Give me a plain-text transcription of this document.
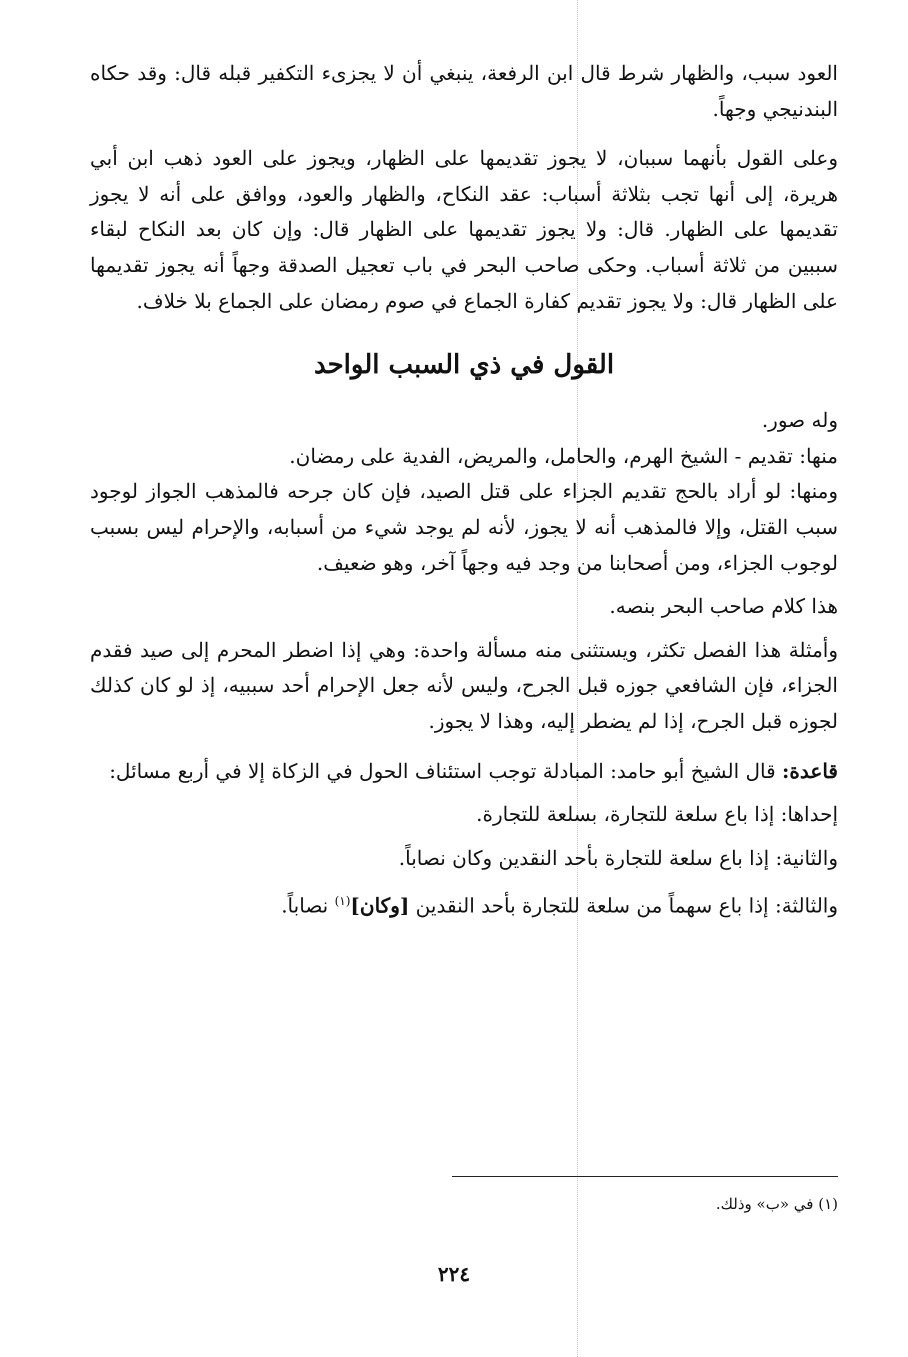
العود سبب، والظهار شرط قال ابن الرفعة، ينبغي أن لا يجزىء التكفير قبله قال: وقد حكاه البندنيجي وجهاً.

وعلى القول بأنهما سببان، لا يجوز تقديمها على الظهار، ويجوز على العود ذهب ابن أبي هريرة، إلى أنها تجب بثلاثة أسباب: عقد النكاح، والظهار والعود، ووافق على أنه لا يجوز تقديمها على الظهار. قال: ولا يجوز تقديمها على الظهار قال: وإن كان بعد النكاح لبقاء سببين من ثلاثة أسباب. وحكى صاحب البحر في باب تعجيل الصدقة وجهاً أنه يجوز تقديمها على الظهار قال: ولا يجوز تقديم كفارة الجماع في صوم رمضان على الجماع بلا خلاف.

القول في ذي السبب الواحد

وله صور.

منها: تقديم - الشيخ الهرم، والحامل، والمريض، الفدية على رمضان.

ومنها: لو أراد بالحج تقديم الجزاء على قتل الصيد، فإن كان جرحه فالمذهب الجواز لوجود سبب القتل، وإلا فالمذهب أنه لا يجوز، لأنه لم يوجد شيء من أسبابه، والإحرام ليس بسبب لوجوب الجزاء، ومن أصحابنا من وجد فيه وجهاً آخر، وهو ضعيف.

هذا كلام صاحب البحر بنصه.

وأمثلة هذا الفصل تكثر، ويستثنى منه مسألة واحدة: وهي إذا اضطر المحرم إلى صيد فقدم الجزاء، فإن الشافعي جوزه قبل الجرح، وليس لأنه جعل الإحرام أحد سببيه، إذ لو كان كذلك لجوزه قبل الجرح، إذا لم يضطر إليه، وهذا لا يجوز.

قاعدة: قال الشيخ أبو حامد: المبادلة توجب استئناف الحول في الزكاة إلا في أربع مسائل:

إحداها: إذا باع سلعة للتجارة، بسلعة للتجارة.

والثانية: إذا باع سلعة للتجارة بأحد النقدين وكان نصاباً.

والثالثة: إذا باع سهماً من سلعة للتجارة بأحد النقدين [وكان]$^{(١)}$ نصاباً.

(١) في «ب» وذلك.
٢٢٤
